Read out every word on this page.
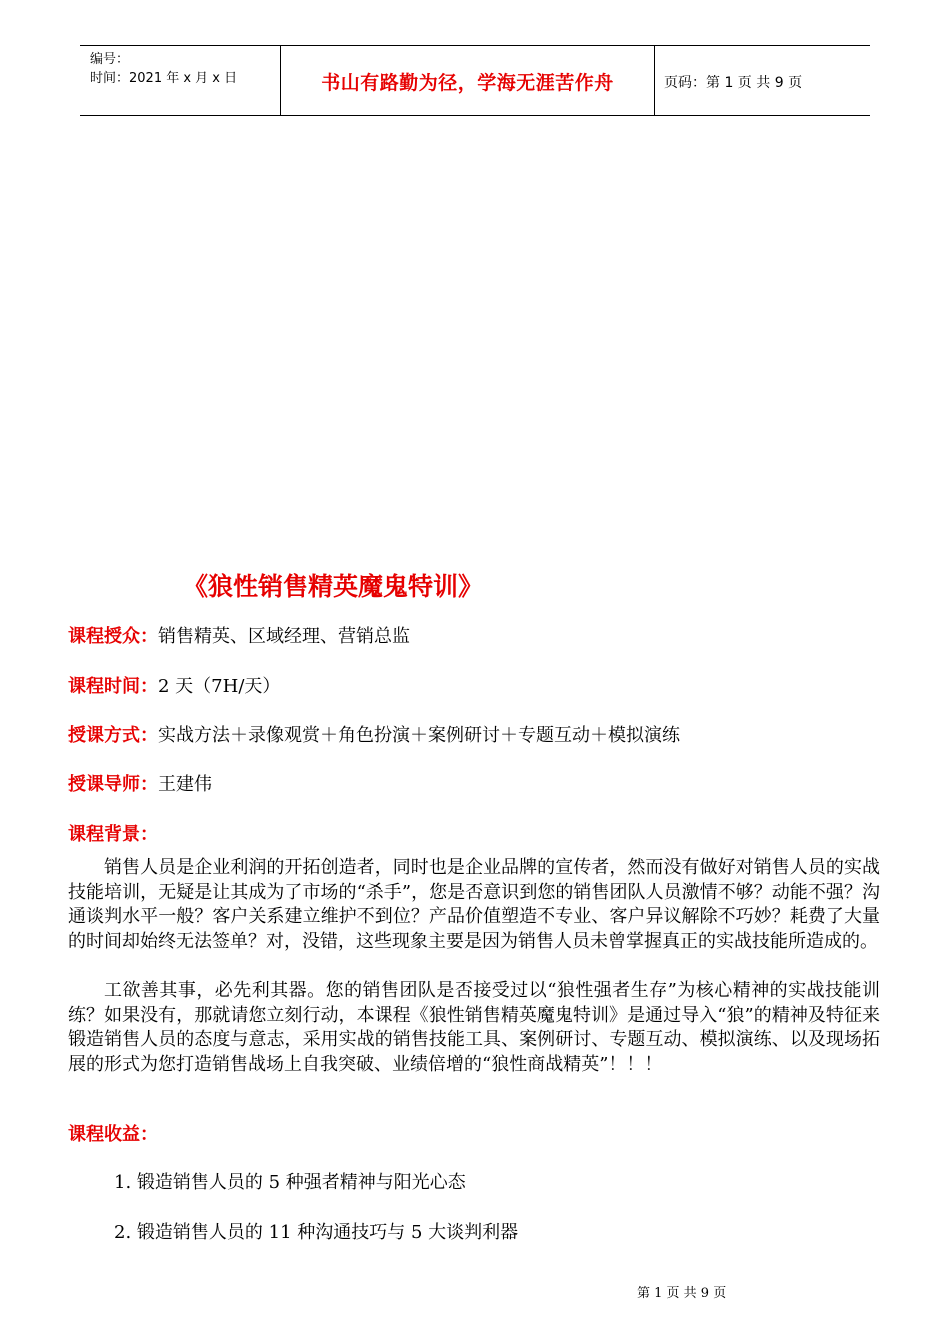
编号：
时间：2021 年 x 月 x 日	书山有路勤为径，学海无涯苦作舟	页码：第 1 页 共 9 页
《狼性销售精英魔鬼特训》
课程授众：销售精英、区域经理、营销总监
课程时间：2 天（7H/天）
授课方式：实战方法＋录像观赏＋角色扮演＋案例研讨＋专题互动＋模拟演练
授课导师：王建伟
课程背景：

销售人员是企业利润的开拓创造者，同时也是企业品牌的宣传者，然而没有做好对销售人员的实战技能培训，无疑是让其成为了市场的“杀手”，您是否意识到您的销售团队人员激情不够？动能不强？沟通谈判水平一般？客户关系建立维护不到位？产品价值塑造不专业、客户异议解除不巧妙？耗费了大量的时间却始终无法签单？对，没错，这些现象主要是因为销售人员未曾掌握真正的实战技能所造成的。

工欲善其事，必先利其器。您的销售团队是否接受过以“狼性强者生存”为核心精神的实战技能训练？如果没有，那就请您立刻行动，本课程《狼性销售精英魔鬼特训》是通过导入“狼”的精神及特征来锻造销售人员的态度与意志，采用实战的销售技能工具、案例研讨、专题互动、模拟演练、以及现场拓展的形式为您打造销售战场上自我突破、业绩倍增的“狼性商战精英”！！！

课程收益：
1. 锻造销售人员的 5 种强者精神与阳光心态
2. 锻造销售人员的 11 种沟通技巧与 5 大谈判利器
第 1 页 共 9 页
